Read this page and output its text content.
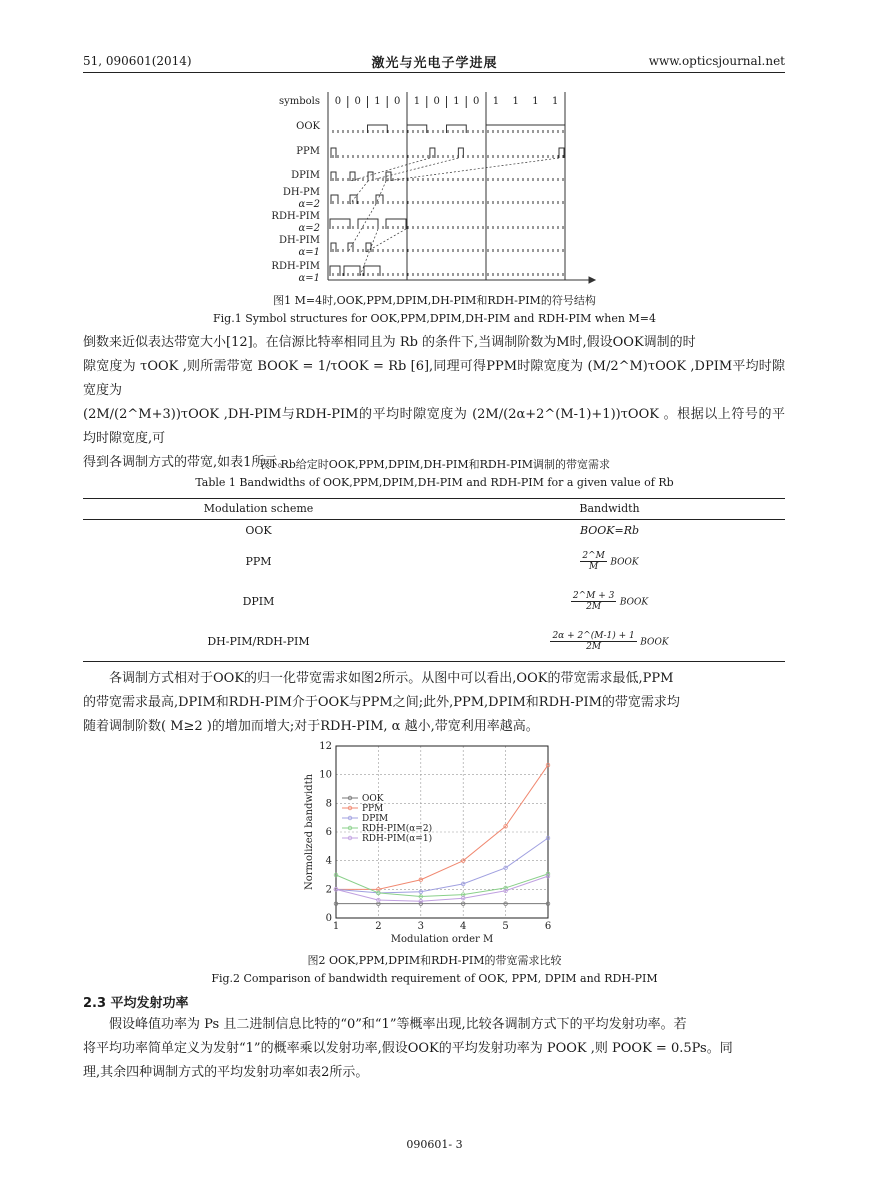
51, 090601(2014)	激光与光电子学进展	www.opticsjournal.net
symbols
OOK
PPM
DPIM
DH-PM
α=2
RDH-PIM
α=2
DH-PIM
α=1
RDH-PIM
α=1
0 0 1 0 1 0 1 0 1 1 1 1
图1 M=4时,OOK,PPM,DPIM,DH-PIM和RDH-PIM的符号结构
Fig.1 Symbol structures for OOK,PPM,DPIM,DH-PIM and RDH-PIM when M=4

倒数来近似表达带宽大小[12]。在信源比特率相同且为 Rb 的条件下,当调制阶数为M时,假设OOK调制的时

隙宽度为 τOOK ,则所需带宽 BOOK = 1/τOOK = Rb [6],同理可得PPM时隙宽度为 (M/2^M)τOOK ,DPIM平均时隙宽度为

(2M/(2^M+3))τOOK ,DH-PIM与RDH-PIM的平均时隙宽度为 (2M/(2α+2^(M-1)+1))τOOK 。根据以上符号的平均时隙宽度,可

得到各调制方式的带宽,如表1所示。

表1 Rb给定时OOK,PPM,DPIM,DH-PIM和RDH-PIM调制的带宽需求
Table 1 Bandwidths of OOK,PPM,DPIM,DH-PIM and RDH-PIM for a given value of Rb
Modulation scheme	Bandwidth
OOK	BOOK=Rb
PPM	$\frac{2\^{}M}{M}$ BOOK
DPIM	$\frac{2\^{}M + 3}{2M}$ BOOK
DH-PIM/RDH-PIM	$\frac{2\alpha + 2\^{}(M-1) + 1}{2M}$ BOOK

各调制方式相对于OOK的归一化带宽需求如图2所示。从图中可以看出,OOK的带宽需求最低,PPM

的带宽需求最高,DPIM和RDH-PIM介于OOK与PPM之间;此外,PPM,DPIM和RDH-PIM的带宽需求均

随着调制阶数( M≥2 )的增加而增大;对于RDH-PIM, α 越小,带宽利用率越高。

1	2	3	4	5	6
0
2
4
6
8
10
12
Modulation order M
Normolized bandwidth	OOK
PPM
DPIM
RDH-PIM(α=2)
RDH-PIM(α=1)
图2 OOK,PPM,DPIM和RDH-PIM的带宽需求比较
Fig.2 Comparison of bandwidth requirement of OOK, PPM, DPIM and RDH-PIM
2.3 平均发射功率

假设峰值功率为 Ps 且二进制信息比特的“0”和“1”等概率出现,比较各调制方式下的平均发射功率。若

将平均功率简单定义为发射“1”的概率乘以发射功率,假设OOK的平均发射功率为 POOK ,则 POOK = 0.5Ps。同

理,其余四种调制方式的平均发射功率如表2所示。

090601- 3
